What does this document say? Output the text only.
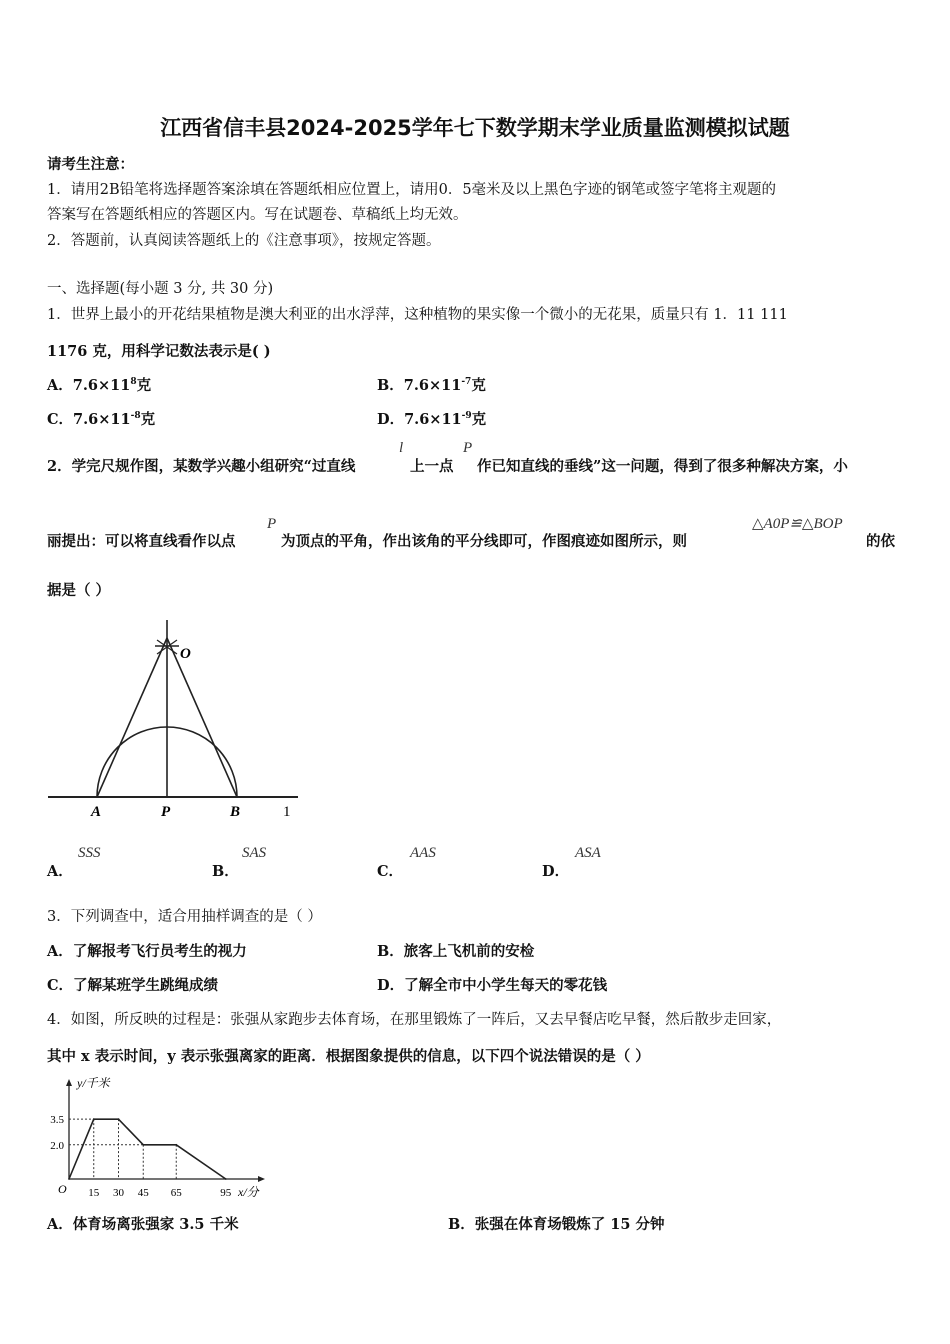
江西省信丰县2024-2025学年七下数学期末学业质量监测模拟试题
请考生注意：
1．请用2B铅笔将选择题答案涂填在答题纸相应位置上，请用0．5毫米及以上黑色字迹的钢笔或签字笔将主观题的
答案写在答题纸相应的答题区内。写在试题卷、草稿纸上均无效。
2．答题前，认真阅读答题纸上的《注意事项》，按规定答题。
一、选择题(每小题 3 分, 共 30 分)
1．世界上最小的开花结果植物是澳大利亚的出水浮萍，这种植物的果实像一个微小的无花果，质量只有 1．11 111
1176 克，用科学记数法表示是( )
A．$7.6\times 11^8$克	B．$7.6\times 11^{-7}$克
C．$7.6\times 11^{-8}$克	D．$7.6\times 11^{-9}$克
2．学完尺规作图，某数学兴趣小组研究“过直线
l
上一点
P
作已知直线的垂线”这一问题，得到了很多种解决方案，小
丽提出：可以将直线看作以点
P
为顶点的平角，作出该角的平分线即可，作图痕迹如图所示，则
△A0P≌△BOP
的依
据是（ ）
O
A	P	B	1
A．
SSS
B．
SAS
C．
AAS
D．
ASA
3．下列调查中，适合用抽样调查的是（ ）
A．了解报考飞行员考生的视力	B．旅客上飞机前的安检
C．了解某班学生跳绳成绩	D．了解全市中小学生每天的零花钱
4．如图，所反映的过程是：张强从家跑步去体育场，在那里锻炼了一阵后，又去早餐店吃早餐，然后散步走回家，
其中 x 表示时间，y 表示张强离家的距离．根据图象提供的信息，以下四个说法错误的是（ ）
15 30 45 65	95
3.5
2.0
O
y/千米
x/分
A．体育场离张强家 3.5 千米	B．张强在体育场锻炼了 15 分钟
